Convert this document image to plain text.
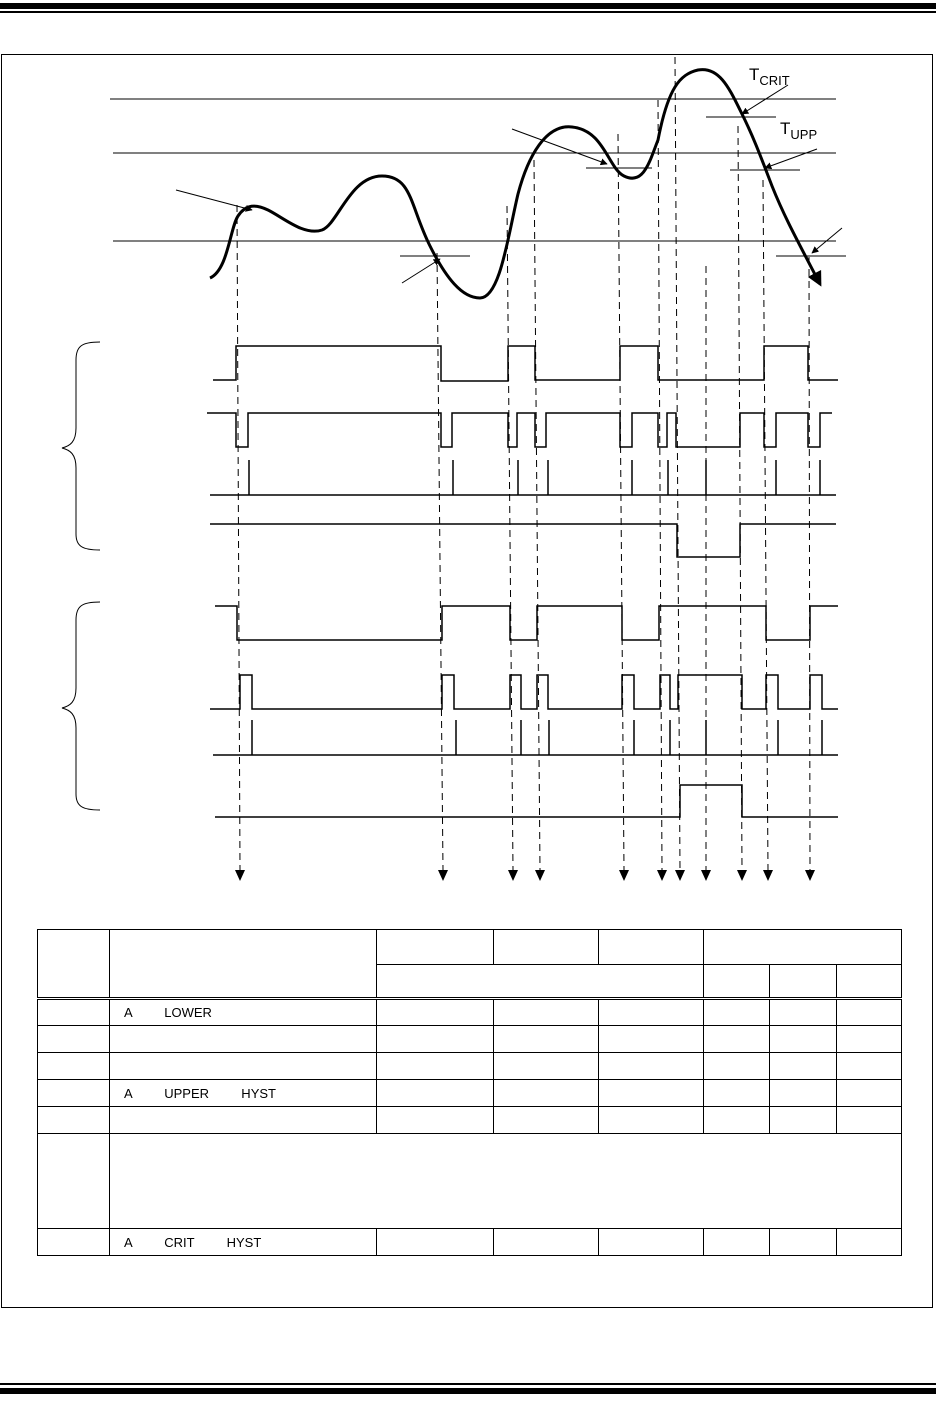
$T_{CRIT}$
$T_{UPP}$

	A       LOWER						

	A       UPPER       HYST						

	A       CRIT       HYST						
